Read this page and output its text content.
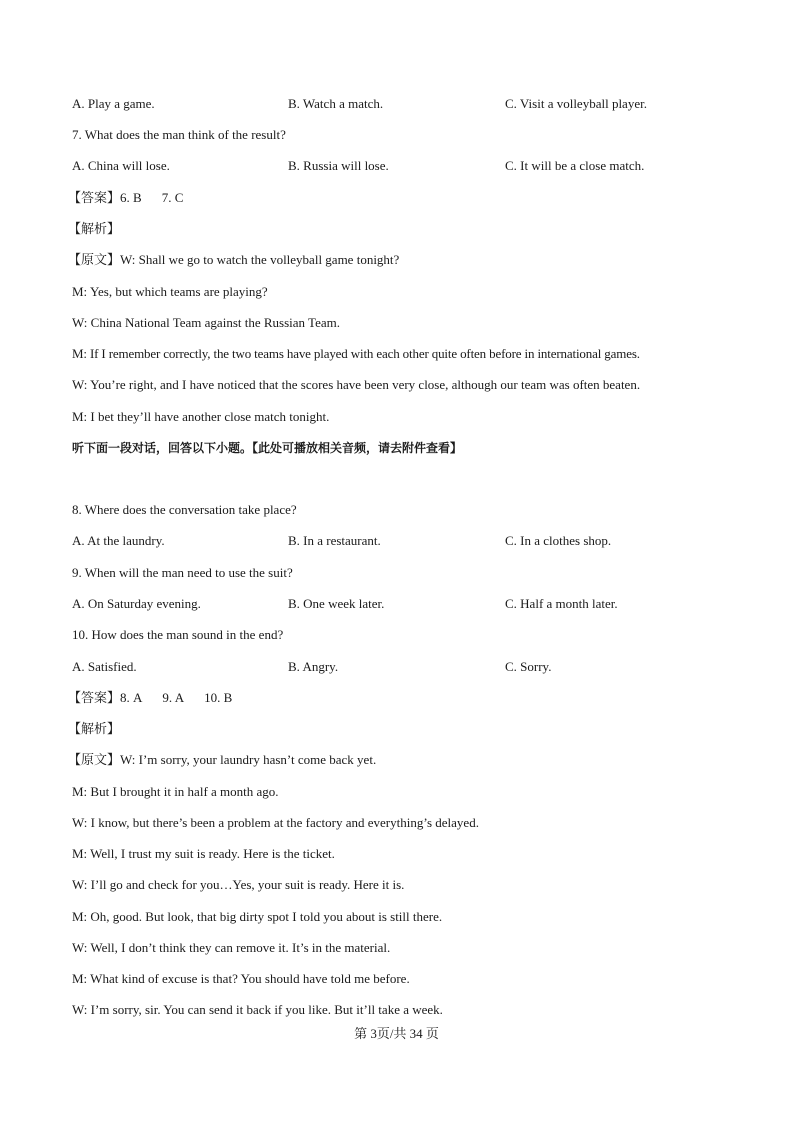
A. Play a game.	B. Watch a match.	C. Visit a volleyball player.
7. What does the man think of the result?
A. China will lose.	B. Russia will lose.	C. It will be a close match.
【答案】6. B 7. C
【解析】
【原文】W: Shall we go to watch the volleyball game tonight?
M: Yes, but which teams are playing?
W: China National Team against the Russian Team.
M: If I remember correctly, the two teams have played with each other quite often before in international games.
W: You’re right, and I have noticed that the scores have been very close, although our team was often beaten.
M: I bet they’ll have another close match tonight.
听下面一段对话，回答以下小题。【此处可播放相关音频，请去附件查看】
8. Where does the conversation take place?
A. At the laundry.	B. In a restaurant.	C. In a clothes shop.
9. When will the man need to use the suit?
A. On Saturday evening.	B. One week later.	C. Half a month later.
10. How does the man sound in the end?
A. Satisfied.	B. Angry.	C. Sorry.
【答案】8. A 9. A 10. B
【解析】
【原文】W: I’m sorry, your laundry hasn’t come back yet.
M: But I brought it in half a month ago.
W: I know, but there’s been a problem at the factory and everything’s delayed.
M: Well, I trust my suit is ready. Here is the ticket.
W: I’ll go and check for you…Yes, your suit is ready. Here it is.
M: Oh, good. But look, that big dirty spot I told you about is still there.
W: Well, I don’t think they can remove it. It’s in the material.
M: What kind of excuse is that? You should have told me before.
W: I’m sorry, sir. You can send it back if you like. But it’ll take a week.
第 3页/共 34 页
